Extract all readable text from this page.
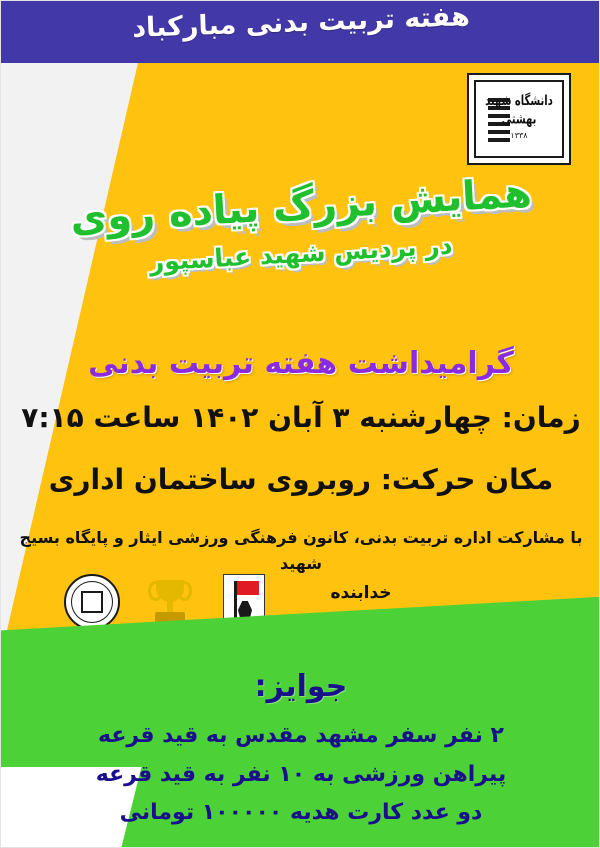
هفته تربیت بدنی مبارکباد
دانشگاه شهید بهشتی
۱۳۳۸
همایش بزرگ پیاده روی
در پردیس شهید عباسپور
گرامیداشت هفته تربیت بدنی
زمان: چهارشنبه ۳ آبان ۱۴۰۲ ساعت ۷:۱۵
مکان حرکت: روبروی ساختمان اداری
با مشارکت اداره تربیت بدنی، کانون فرهنگی ورزشی ایثار و پایگاه بسیج شهید
خدابنده
جوایز:
۲ نفر سفر مشهد مقدس به قید قرعه
پیراهن ورزشی به ۱۰ نفر به قید قرعه
دو عدد کارت هدیه ۱۰۰۰۰۰ تومانی
